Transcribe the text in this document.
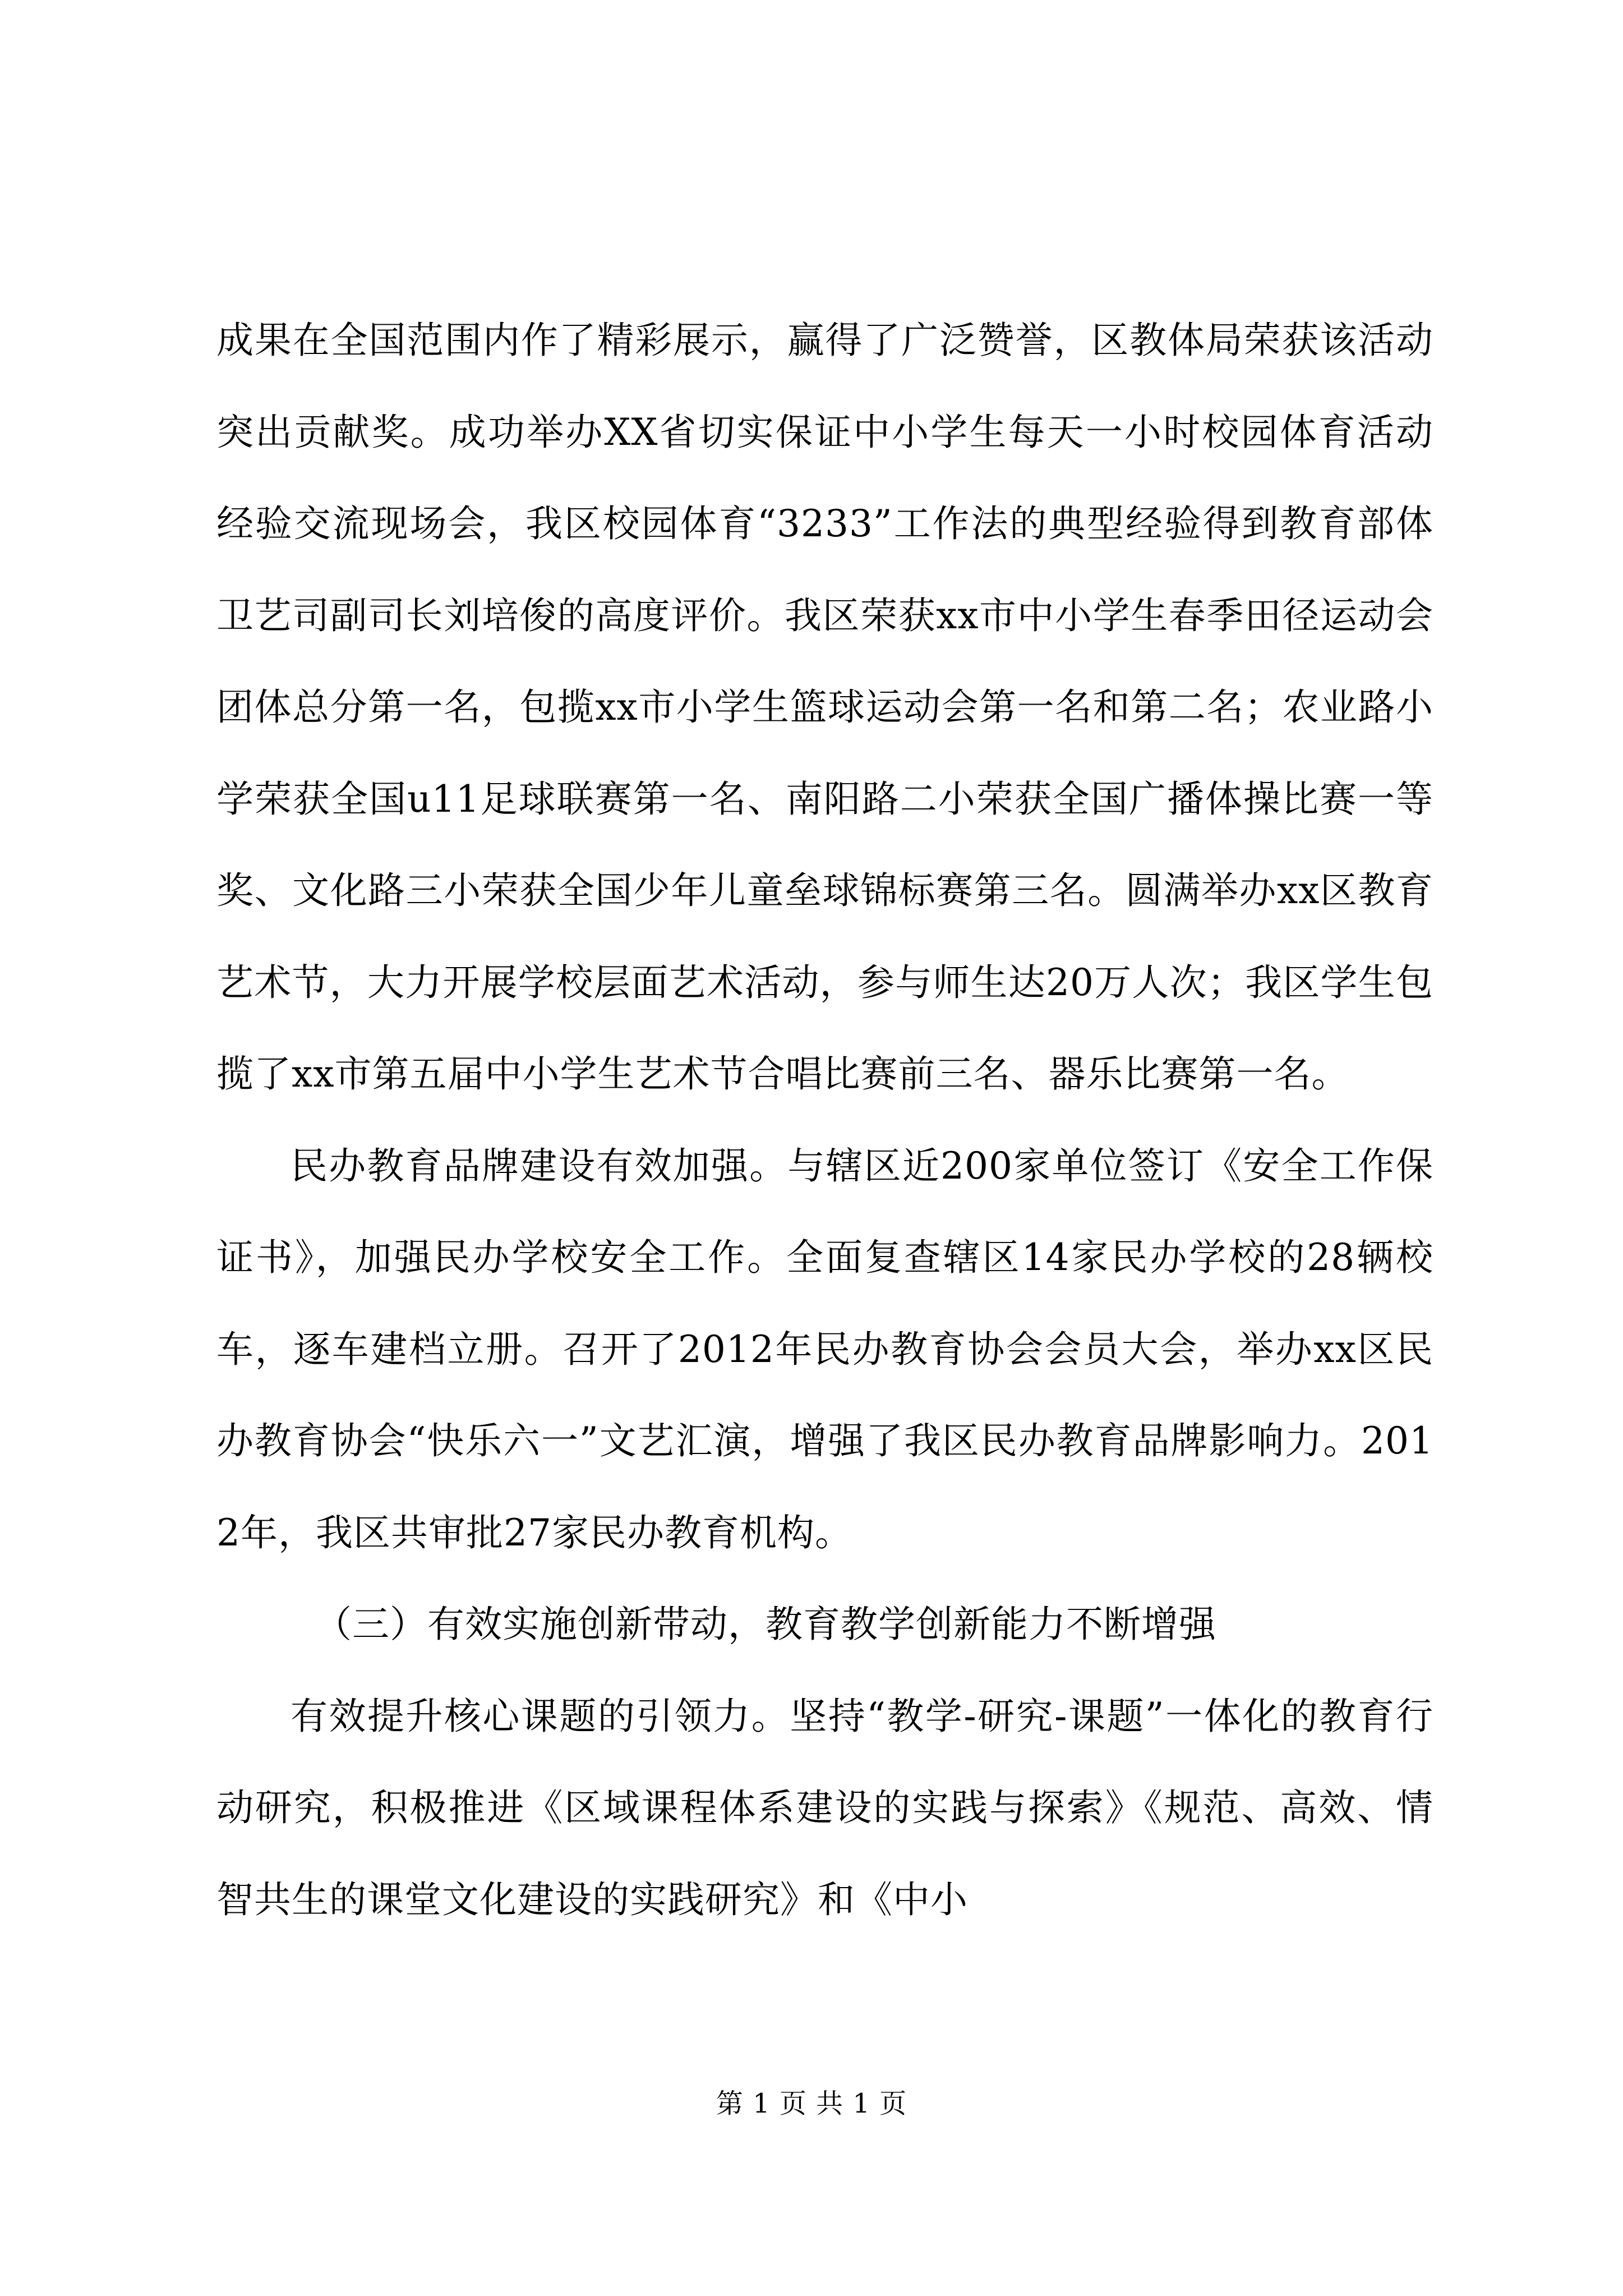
成果在全国范围内作了精彩展示，赢得了广泛赞誉，区教体局荣获该活动突出贡献奖。成功举办XX省切实保证中小学生每天一小时校园体育活动经验交流现场会，我区校园体育“3233”工作法的典型经验得到教育部体卫艺司副司长刘培俊的高度评价。我区荣获xx市中小学生春季田径运动会团体总分第一名，包揽xx市小学生篮球运动会第一名和第二名；农业路小学荣获全国u11足球联赛第一名、南阳路二小荣获全国广播体操比赛一等奖、文化路三小荣获全国少年儿童垒球锦标赛第三名。圆满举办xx区教育艺术节，大力开展学校层面艺术活动，参与师生达20万人次；我区学生包揽了xx市第五届中小学生艺术节合唱比赛前三名、器乐比赛第一名。

民办教育品牌建设有效加强。与辖区近200家单位签订《安全工作保证书》，加强民办学校安全工作。全面复查辖区14家民办学校的28辆校车，逐车建档立册。召开了2012年民办教育协会会员大会，举办xx区民办教育协会“快乐六一”文艺汇演，增强了我区民办教育品牌影响力。2012年，我区共审批27家民办教育机构。

（三）有效实施创新带动，教育教学创新能力不断增强

有效提升核心课题的引领力。坚持“教学-研究-课题”一体化的教育行动研究，积极推进《区域课程体系建设的实践与探索》《规范、高效、情智共生的课堂文化建设的实践研究》和《中小

第 1 页 共 1 页
